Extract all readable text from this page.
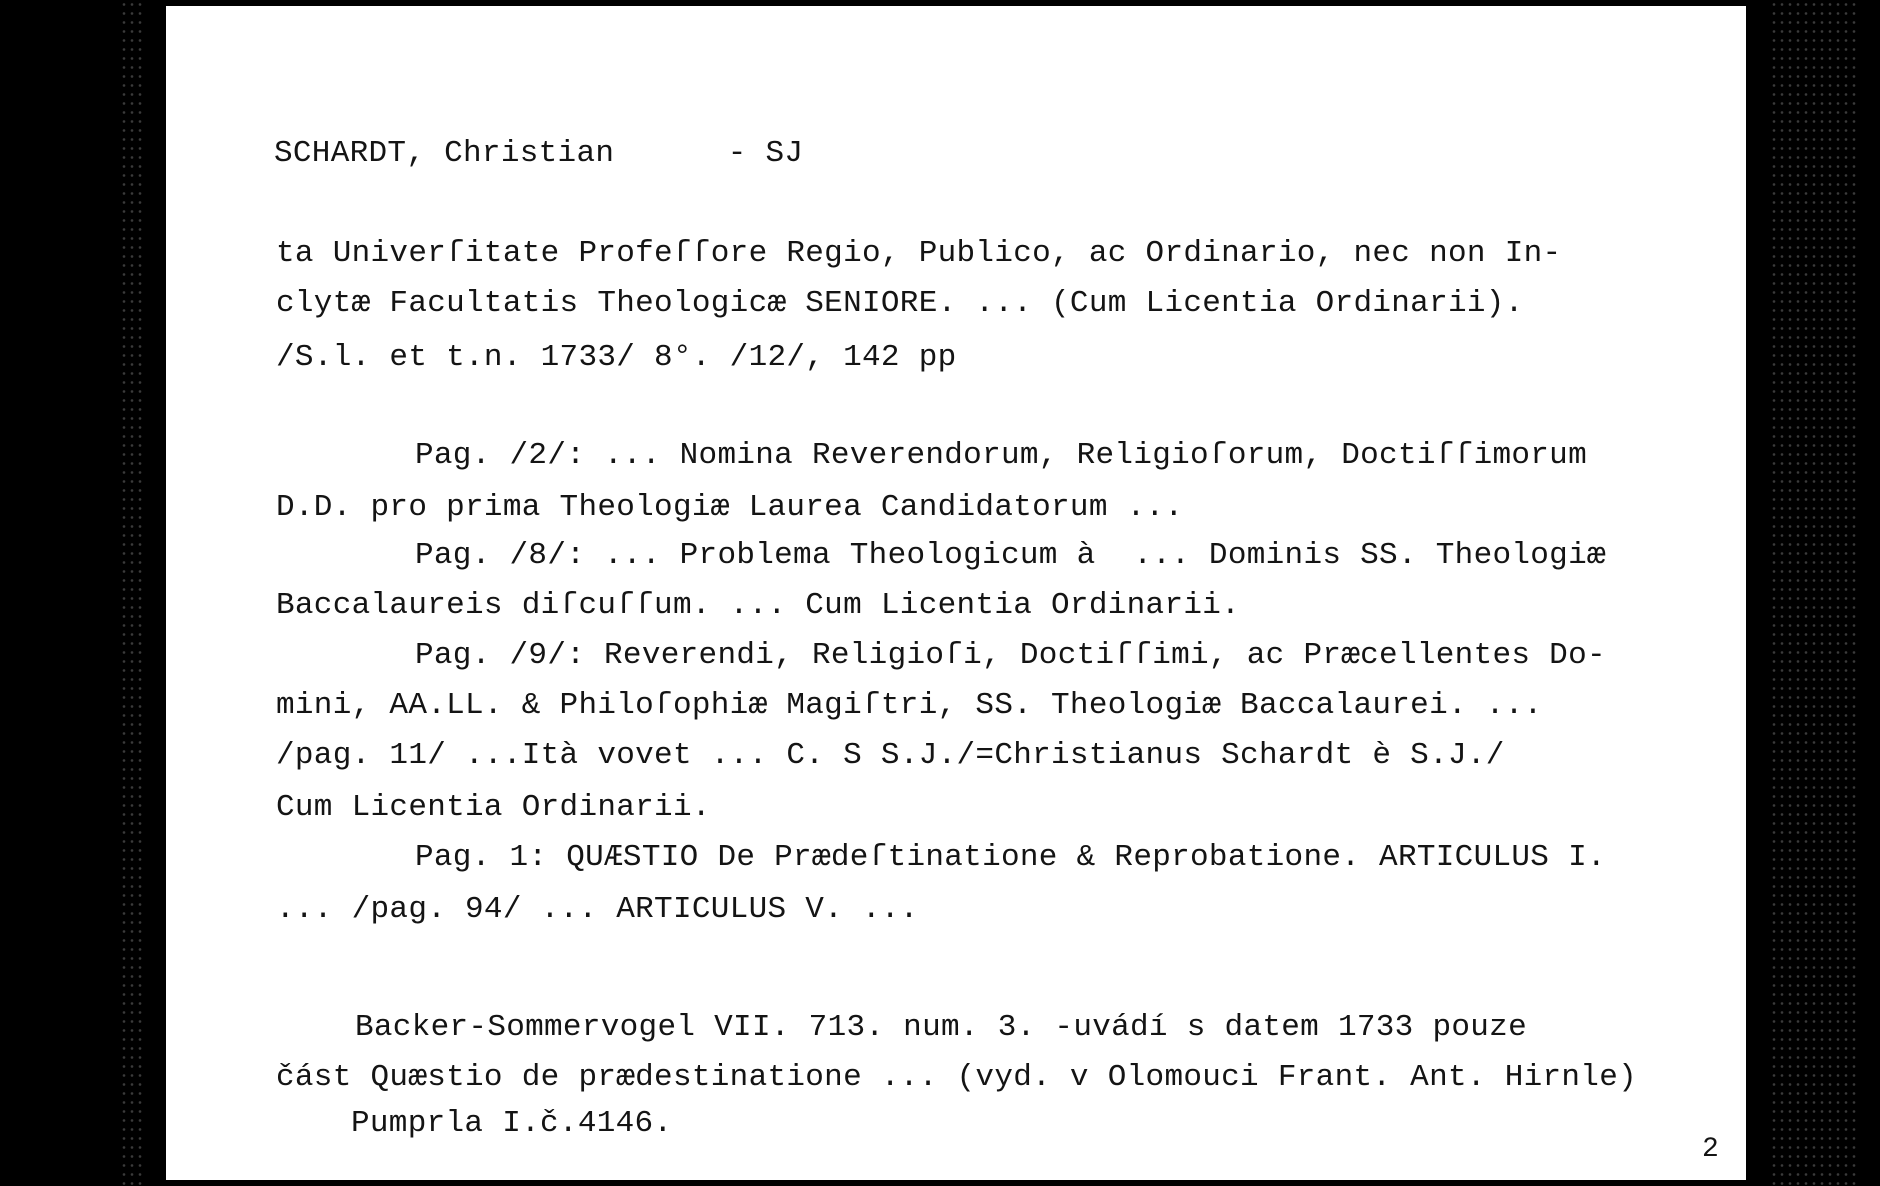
SCHARDT, Christian	- SJ
ta Univerſitate Profeſſore Regio, Publico, ac Ordinario, nec non In-
clytæ Facultatis Theologicæ SENIORE. ... (Cum Licentia Ordinarii).
/S.l. et t.n. 1733/ 8°. /12/, 142 pp
Pag. /2/: ... Nomina Reverendorum, Religioſorum, Doctiſſimorum
D.D. pro prima Theologiæ Laurea Candidatorum ...
Pag. /8/: ... Problema Theologicum à  ... Dominis SS. Theologiæ
Baccalaureis diſcuſſum. ... Cum Licentia Ordinarii.
Pag. /9/: Reverendi, Religioſi, Doctiſſimi, ac Præcellentes Do-
mini, AA.LL. & Philoſophiæ Magiſtri, SS. Theologiæ Baccalaurei. ...
/pag. 11/ ...Ità vovet ... C. S S.J./=Christianus Schardt è S.J./
Cum Licentia Ordinarii.
Pag. 1: QUÆSTIO De Prædeſtinatione & Reprobatione. ARTICULUS I.
... /pag. 94/ ... ARTICULUS V. ...
Backer-Sommervogel VII. 713. num. 3. -uvádí s datem 1733 pouze
část Quæstio de prædestinatione ... (vyd. v Olomouci Frant. Ant. Hirnle)
Pumprla I.č.4146.
2
